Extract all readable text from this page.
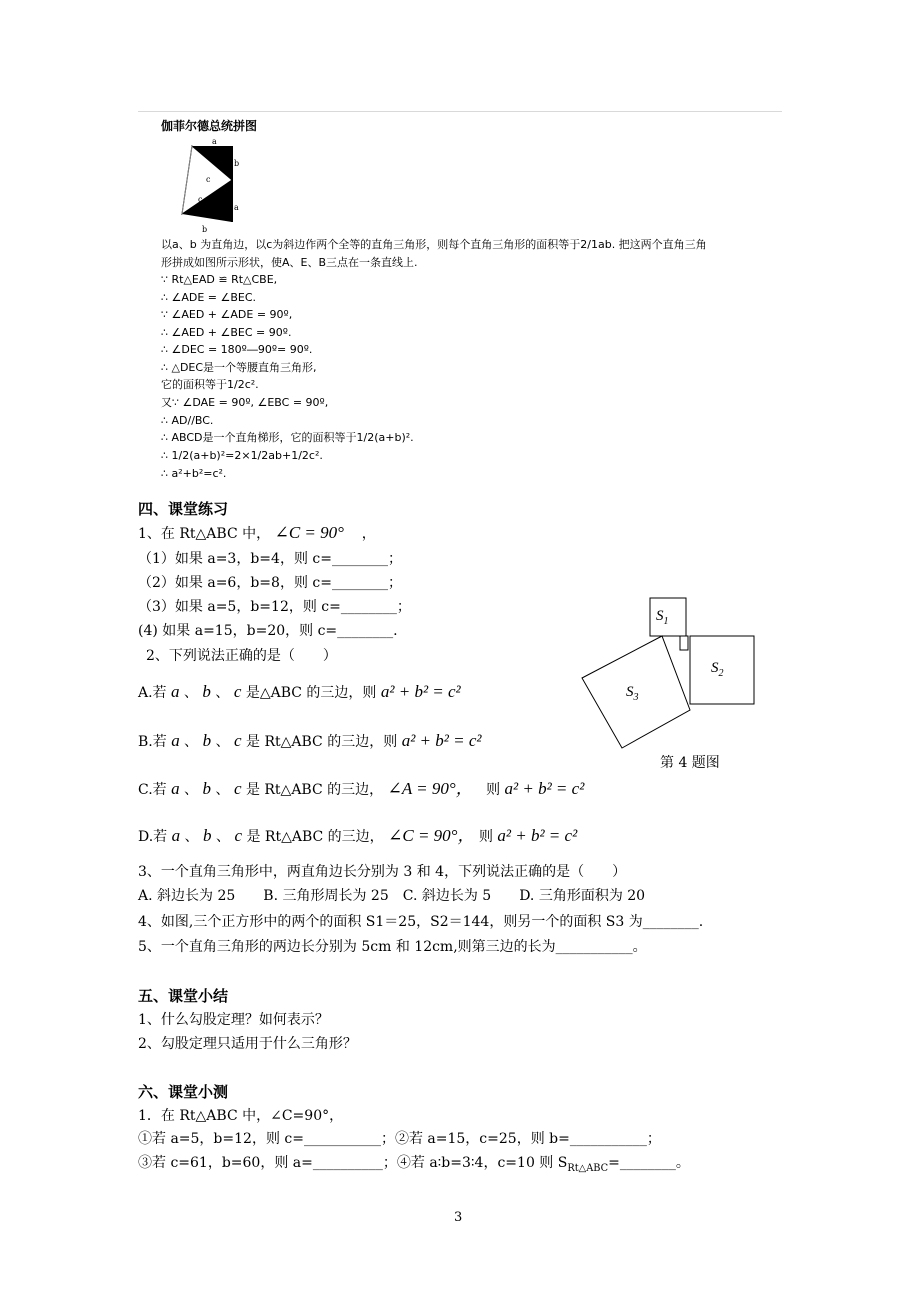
伽菲尔德总统拼图
a
b
c
c
a
b
以a、b 为直角边，以c为斜边作两个全等的直角三角形，则每个直角三角形的面积等于2/1ab. 把这两个直角三角
形拼成如图所示形状，使A、E、B三点在一条直线上.
∵ Rt△EAD ≌ Rt△CBE,
∴ ∠ADE = ∠BEC.
∵ ∠AED + ∠ADE = 90º,
∴ ∠AED + ∠BEC = 90º.
∴ ∠DEC = 180º―90º= 90º.
∴ △DEC是一个等腰直角三角形,
它的面积等于1/2c².
又∵ ∠DAE = 90º, ∠EBC = 90º,
∴ AD//BC.
∴ ABCD是一个直角梯形，它的面积等于1/2(a+b)².
∴ 1/2(a+b)²=2×1/2ab+1/2c².
∴ a²+b²=c².
四、课堂练习
1、在 Rt△ABC 中， ∠C = 90° ，
（1）如果 a=3，b=4，则 c=________；
（2）如果 a=6，b=8，则 c=________；
（3）如果 a=5，b=12，则 c=________；
(4) 如果 a=15，b=20，则 c=________.
2、下列说法正确的是（　　）
A.若 a 、 b 、 c 是△ABC 的三边，则 a² + b² = c²
B.若 a 、 b 、 c 是 Rt△ABC 的三边，则 a² + b² = c²
C.若 a 、 b 、 c 是 Rt△ABC 的三边， ∠A = 90°， 则 a² + b² = c²
D.若 a 、 b 、 c 是 Rt△ABC 的三边， ∠C = 90°， 则 a² + b² = c²
3、一个直角三角形中，两直角边长分别为 3 和 4，下列说法正确的是（　　）
A. 斜边长为 25　　B. 三角形周长为 25　C. 斜边长为 5　　D. 三角形面积为 20
4、如图,三个正方形中的两个的面积 S1＝25，S2＝144，则另一个的面积 S3 为________.
5、一个直角三角形的两边长分别为 5cm 和 12cm,则第三边的长为___________。
$S_1$
$S_2$
$S_3$
第 4 题图
五、课堂小结
1、什么勾股定理？如何表示？
2、勾股定理只适用于什么三角形？
六、课堂小测
1．在 Rt△ABC 中，∠C=90°，
①若 a=5，b=12，则 c=___________；②若 a=15，c=25，则 b=___________；
③若 c=61，b=60，则 a=__________；④若 a∶b=3∶4，c=10 则 $S_{Rt\triangle ABC}=\_\_\_\_\_\_\_\_$。
3
